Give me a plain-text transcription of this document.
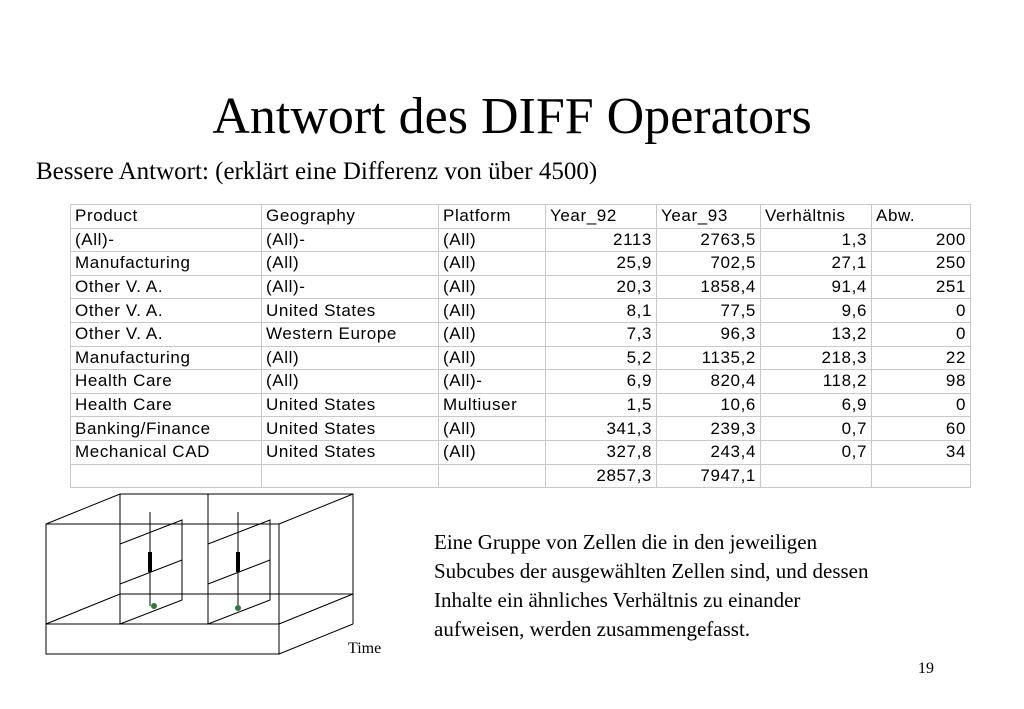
Antwort des DIFF Operators
Bessere Antwort: (erklärt eine Differenz von über 4500)
Product	Geography	Platform	Year_92	Year_93	Verhältnis	Abw.
(All)-	(All)-	(All)	2113	2763,5	1,3	200
Manufacturing	(All)	(All)	25,9	702,5	27,1	250
Other V. A.	(All)-	(All)	20,3	1858,4	91,4	251
Other V. A.	United States	(All)	8,1	77,5	9,6	0
Other V. A.	Western Europe	(All)	7,3	96,3	13,2	0
Manufacturing	(All)	(All)	5,2	1135,2	218,3	22
Health Care	(All)	(All)-	6,9	820,4	118,2	98
Health Care	United States	Multiuser	1,5	10,6	6,9	0
Banking/Finance	United States	(All)	341,3	239,3	0,7	60
Mechanical CAD	United States	(All)	327,8	243,4	0,7	34
			2857,3	7947,1		
Time
Eine Gruppe von Zellen die in den jeweiligen
Subcubes der ausgewählten Zellen sind, und dessen
Inhalte ein ähnliches Verhältnis zu einander
aufweisen, werden zusammengefasst.
19
